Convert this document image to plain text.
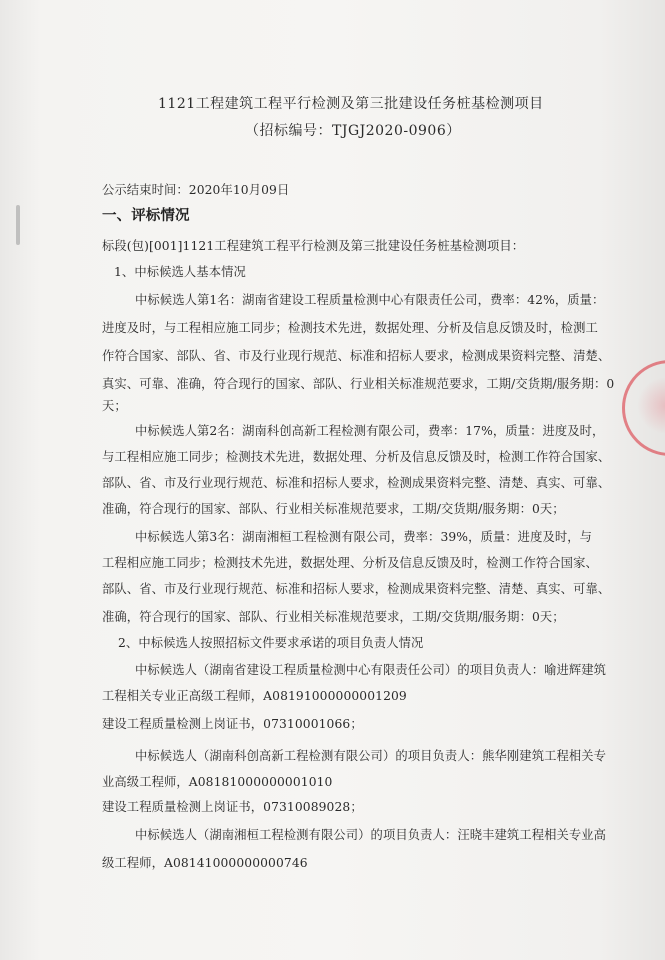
1121工程建筑工程平行检测及第三批建设任务桩基检测项目
（招标编号：TJGJ2020-0906）
公示结束时间：2020年10月09日
一、评标情况
标段(包)[001]1121工程建筑工程平行检测及第三批建设任务桩基检测项目：
1、中标候选人基本情况
中标候选人第1名：湖南省建设工程质量检测中心有限责任公司，费率：42%，质量：
进度及时，与工程相应施工同步；检测技术先进，数据处理、分析及信息反馈及时，检测工
作符合国家、部队、省、市及行业现行规范、标准和招标人要求，检测成果资料完整、清楚、
真实、可靠、准确，符合现行的国家、部队、行业相关标准规范要求，工期/交货期/服务期：0
天；
中标候选人第2名：湖南科创高新工程检测有限公司，费率：17%，质量：进度及时，
与工程相应施工同步；检测技术先进，数据处理、分析及信息反馈及时，检测工作符合国家、
部队、省、市及行业现行规范、标准和招标人要求，检测成果资料完整、清楚、真实、可靠、
准确，符合现行的国家、部队、行业相关标准规范要求，工期/交货期/服务期：0天；
中标候选人第3名：湖南湘桓工程检测有限公司，费率：39%，质量：进度及时，与
工程相应施工同步；检测技术先进，数据处理、分析及信息反馈及时，检测工作符合国家、
部队、省、市及行业现行规范、标准和招标人要求，检测成果资料完整、清楚、真实、可靠、
准确，符合现行的国家、部队、行业相关标准规范要求，工期/交货期/服务期：0天；
2、中标候选人按照招标文件要求承诺的项目负责人情况
中标候选人（湖南省建设工程质量检测中心有限责任公司）的项目负责人：喻进辉建筑
工程相关专业正高级工程师，A08191000000001209
建设工程质量检测上岗证书，07310001066；
中标候选人（湖南科创高新工程检测有限公司）的项目负责人：熊华刚建筑工程相关专
业高级工程师，A08181000000001010
建设工程质量检测上岗证书，07310089028；
中标候选人（湖南湘桓工程检测有限公司）的项目负责人：汪晓丰建筑工程相关专业高
级工程师，A08141000000000746
